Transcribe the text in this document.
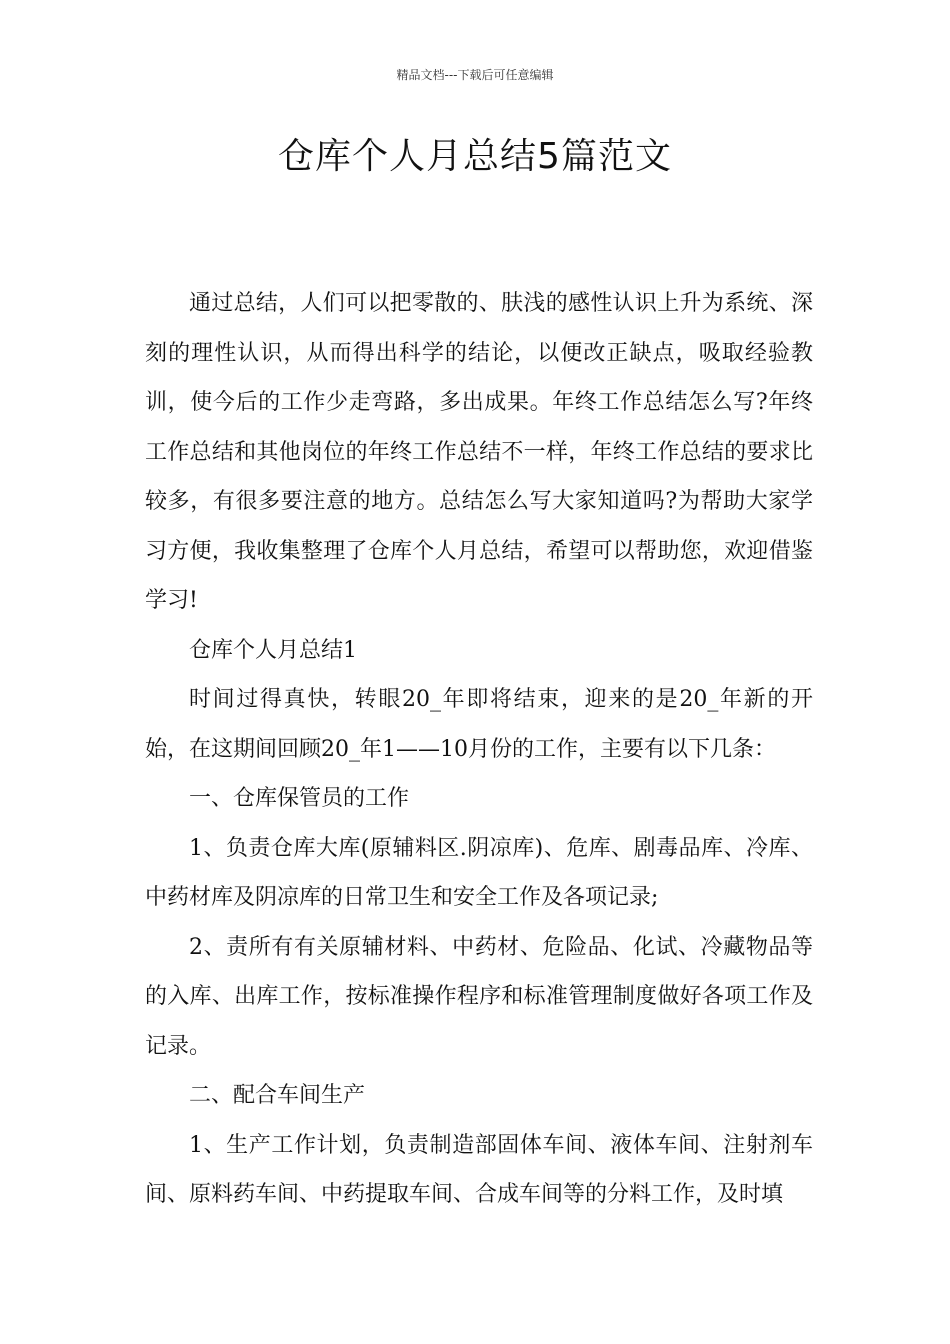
精品文档---下载后可任意编辑
仓库个人月总结5篇范文

通过总结，人们可以把零散的、肤浅的感性认识上升为系统、深刻的理性认识，从而得出科学的结论，以便改正缺点，吸取经验教训，使今后的工作少走弯路，多出成果。年终工作总结怎么写?年终工作总结和其他岗位的年终工作总结不一样，年终工作总结的要求比较多，有很多要注意的地方。总结怎么写大家知道吗?为帮助大家学习方便，我收集整理了仓库个人月总结，希望可以帮助您，欢迎借鉴学习!

仓库个人月总结1

时间过得真快，转眼20_年即将结束，迎来的是20_年新的开始，在这期间回顾20_年1——10月份的工作，主要有以下几条：

一、仓库保管员的工作

1、负责仓库大库(原辅料区.阴凉库)、危库、剧毒品库、冷库、中药材库及阴凉库的日常卫生和安全工作及各项记录;

2、责所有有关原辅材料、中药材、危险品、化试、冷藏物品等的入库、出库工作，按标准操作程序和标准管理制度做好各项工作及记录。

二、配合车间生产

1、生产工作计划，负责制造部固体车间、液体车间、注射剂车间、原料药车间、中药提取车间、合成车间等的分料工作，及时填
